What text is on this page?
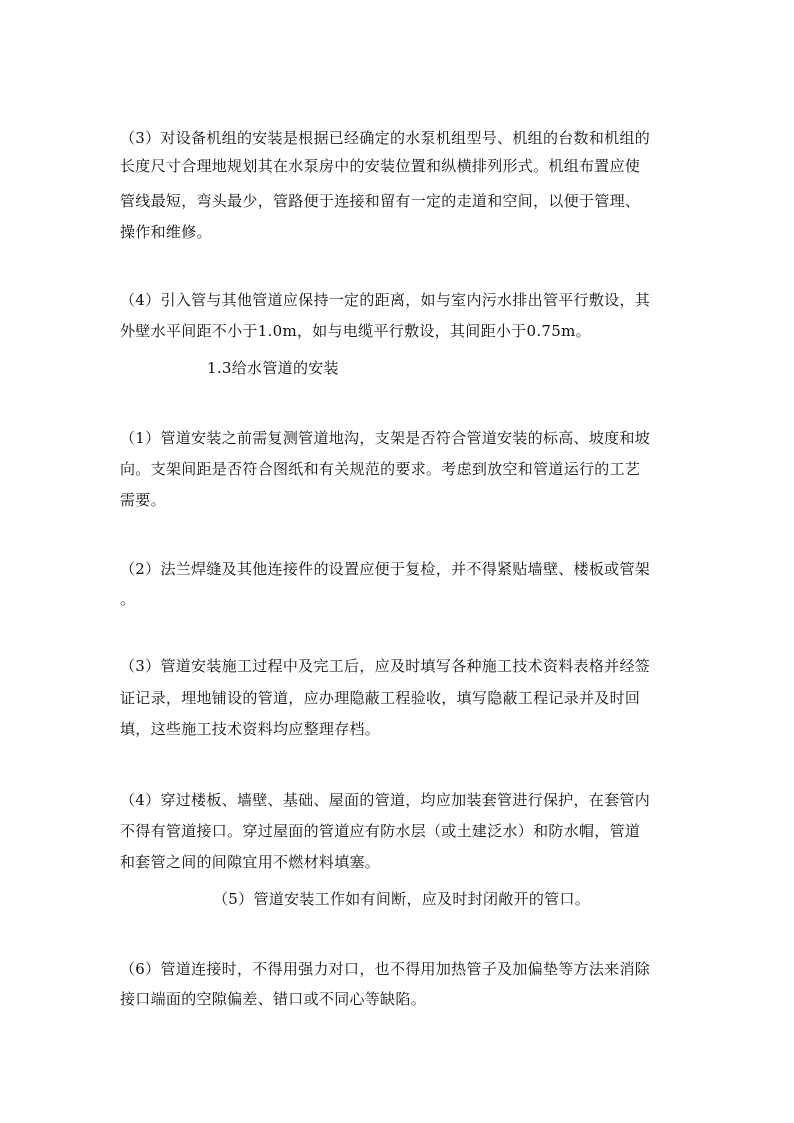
（3）对设备机组的安装是根据已经确定的水泵机组型号、机组的台数和机组的
长度尺寸合理地规划其在水泵房中的安装位置和纵横排列形式。机组布置应使
管线最短，弯头最少，管路便于连接和留有一定的走道和空间，以便于管理、
操作和维修。
（4）引入管与其他管道应保持一定的距离，如与室内污水排出管平行敷设，其
外壁水平间距不小于1.0m，如与电缆平行敷设，其间距小于0.75m。
1.3给水管道的安装
（1）管道安装之前需复测管道地沟，支架是否符合管道安装的标高、坡度和坡
向。支架间距是否符合图纸和有关规范的要求。考虑到放空和管道运行的工艺
需要。
（2）法兰焊缝及其他连接件的设置应便于复检，并不得紧贴墙壁、楼板或管架
。
（3）管道安装施工过程中及完工后，应及时填写各种施工技术资料表格并经签
证记录，埋地铺设的管道，应办理隐蔽工程验收，填写隐蔽工程记录并及时回
填，这些施工技术资料均应整理存档。
（4）穿过楼板、墙壁、基础、屋面的管道，均应加装套管进行保护，在套管内
不得有管道接口。穿过屋面的管道应有防水层（或土建泛水）和防水帽，管道
和套管之间的间隙宜用不燃材料填塞。
（5）管道安装工作如有间断，应及时封闭敞开的管口。
（6）管道连接时，不得用强力对口，也不得用加热管子及加偏垫等方法来消除
接口端面的空隙偏差、错口或不同心等缺陷。
